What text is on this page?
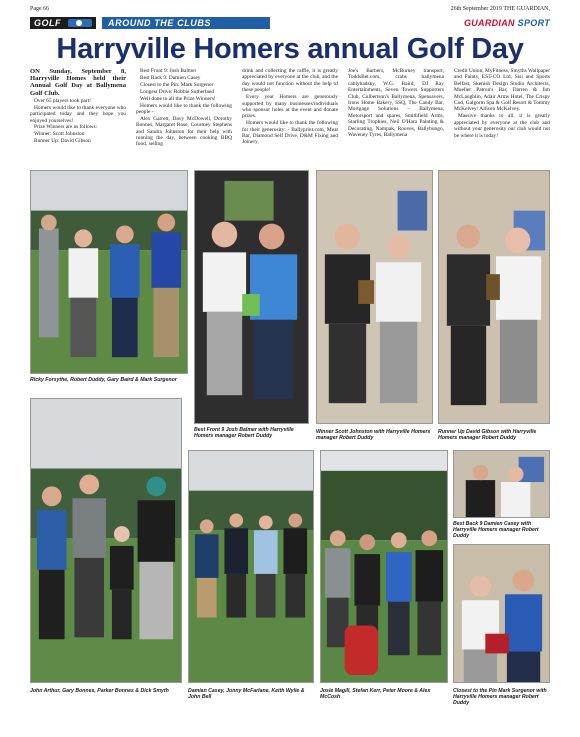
Page 66	26th September 2019 THE GUARDIAN,
GOLF	AROUND THE CLUBS	GUARDIAN SPORT
Harryville Homers annual Golf Day

ON Sunday, September 8, Harryville Homes held their Annual Golf Day at Ballymena Golf Club.

Over 65 players took part!

Homers would like to thank everyone who participated today and they hope you enjoyed yourselves!

Prize Winners are as follows:

Winner: Scott Johnston

Runner Up: David Gibson

Best Front 9: Josh Balmer

Best Back 9: Damien Casey

Closest to the Pin: Mark Surgenor

Longest Drive: Robbie Sutherland

Well done to all the Prize Winners!

Homers would like to thank the following people –

Alex Garrett, Davy McDowell, Dorothy Bonnes, Margaret Rose, Courtney Stephens and Sandra Johnston for their help with running the day, between cooking BBQ food, selling

drink and collecting the raffle, it is greatly appreciated by everyone at the club, and the day would not function without the help of these people!

Every year Homers are generously supported by many businesses/individuals who sponsor holes at the event and donate prizes.

Homers would like to thank the following for their generosity: - Ballyprint.com, Meat Bar, Diamond Self Drive, D&M Fixing and Joinery,

Joe's Barbers, McBurney transport, ToddsBet.com, crabs ballymena cablybadsky, W.G. Baird, DJ Ray Entertainments, Seven Towers Supporters Club, Culbertson's Ballymena, Spensavers, Irons Home Bakery, SSQ, The Candy Bar, Mortgage Solutions – Ballymena, Motorsport and spares, Smithfield Arms, Starling Trophies, Neil O'Hara Painting & Decorating, Nampak, Rooves, Ballybungo, Waveney Tyres, Ballymena

Credit Union, MyFitness, Smyths Wallpaper and Paints, EST-CO Ltd, Sisi and Sports Belfast, Skenish Design Studio Architects, Mueller Patron's Bar, Darren & Jim McLaughlin, Adair Arms Hotel, The Crispy Cod, Galgorm Spa & Golf Resort & Tommy McKelvey/ Allison McKelvey.

Massive thanks to all, it is greatly appreciated by everyone at the club and without your generosity our club would not be where it is today!

Ricky Forsythe, Robert Duddy, Gary Baird & Mark Surgenor
Best Front 9 Josh Balmer with Harryville Homers manager Robert Duddy
Winner Scott Johnston with Harryville Homers manager Robert Duddy
Runner Up David Gibson with Harryville Homers manager Robert Duddy
John Arthur, Gary Bonnes, Parker Bonnes & Dick Smyth	Damian Casey, Jonny McFarlane, Keith Wylie & John Bell
Josie Magill, Stefan Kerr, Peter Moore & Alex McCosh
Best Back 9 Damien Casey with Harryville Homers manager Robert Duddy
Closest to the Pin Mark Surgenor with Harryville Homers manager Robert Duddy
